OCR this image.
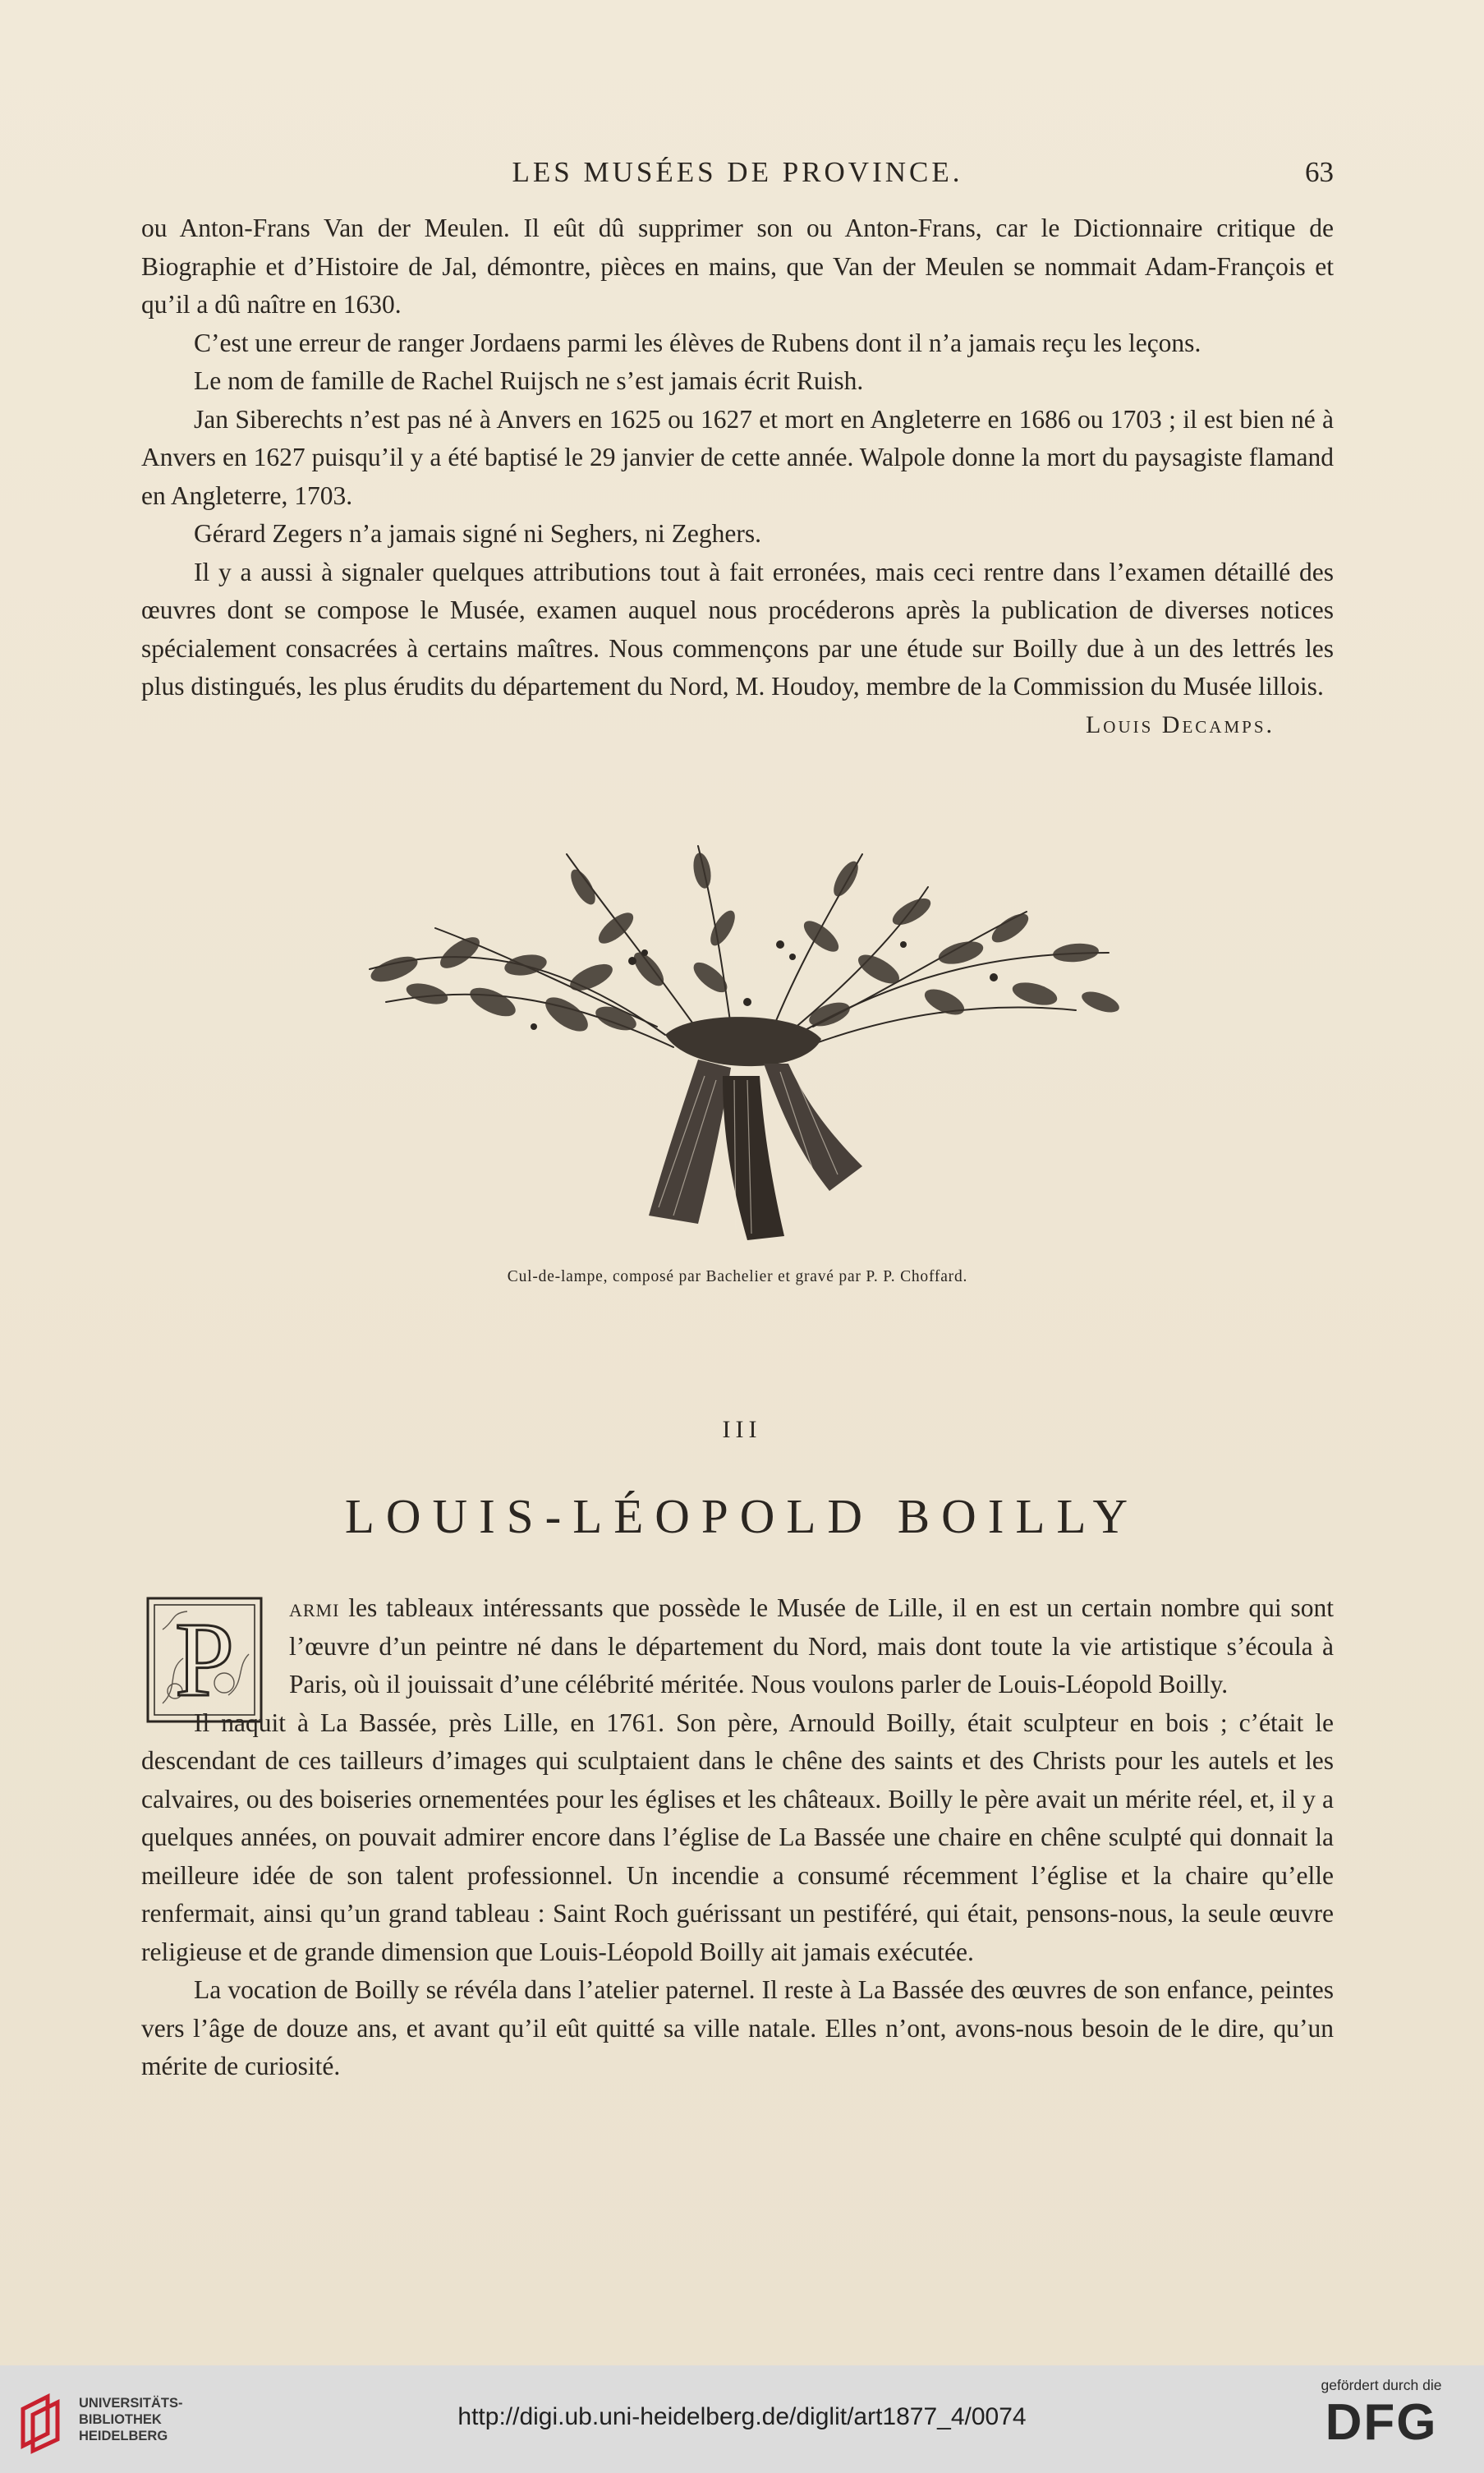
LES MUSÉES DE PROVINCE.	63

ou Anton-Frans Van der Meulen. Il eût dû supprimer son ou Anton-Frans, car le Dictionnaire critique de Biographie et d’Histoire de Jal, démontre, pièces en mains, que Van der Meulen se nommait Adam-François et qu’il a dû naître en 1630.

C’est une erreur de ranger Jordaens parmi les élèves de Rubens dont il n’a jamais reçu les leçons.

Le nom de famille de Rachel Ruijsch ne s’est jamais écrit Ruish.

Jan Siberechts n’est pas né à Anvers en 1625 ou 1627 et mort en Angleterre en 1686 ou 1703 ; il est bien né à Anvers en 1627 puisqu’il y a été baptisé le 29 janvier de cette année. Walpole donne la mort du paysagiste flamand en Angleterre, 1703.

Gérard Zegers n’a jamais signé ni Seghers, ni Zeghers.

Il y a aussi à signaler quelques attributions tout à fait erronées, mais ceci rentre dans l’examen détaillé des œuvres dont se compose le Musée, examen auquel nous procéderons après la publication de diverses notices spécialement consacrées à certains maîtres. Nous commençons par une étude sur Boilly due à un des lettrés les plus distingués, les plus érudits du département du Nord, M. Houdoy, membre de la Commission du Musée lillois.

Louis Decamps.

Cul-de-lampe, composé par Bachelier et gravé par P. P. Choffard.
III
LOUIS-LÉOPOLD BOILLY
P	armi les tableaux intéressants que possède le Musée de Lille, il en est un certain nombre qui sont l’œuvre d’un peintre né dans le département du Nord, mais dont toute la vie artistique s’écoula à Paris, où il jouissait d’une célébrité méritée. Nous voulons parler de Louis-Léopold Boilly.

Il naquit à La Bassée, près Lille, en 1761. Son père, Arnould Boilly, était sculpteur en bois ; c’était le descendant de ces tailleurs d’images qui sculptaient dans le chêne des saints et des Christs pour les autels et les calvaires, ou des boiseries ornementées pour les églises et les châteaux. Boilly le père avait un mérite réel, et, il y a quelques années, on pouvait admirer encore dans l’église de La Bassée une chaire en chêne sculpté qui donnait la meilleure idée de son talent professionnel. Un incendie a consumé récemment l’église et la chaire qu’elle renfermait, ainsi qu’un grand tableau : Saint Roch guérissant un pestiféré, qui était, pensons-nous, la seule œuvre religieuse et de grande dimension que Louis-Léopold Boilly ait jamais exécutée.

La vocation de Boilly se révéla dans l’atelier paternel. Il reste à La Bassée des œuvres de son enfance, peintes vers l’âge de douze ans, et avant qu’il eût quitté sa ville natale. Elles n’ont, avons-nous besoin de le dire, qu’un mérite de curiosité.

UNIVERSITÄTS-
BIBLIOTHEK
HEIDELBERG
http://digi.ub.uni-heidelberg.de/diglit/art1877_4/0074
gefördert durch die
DFG
